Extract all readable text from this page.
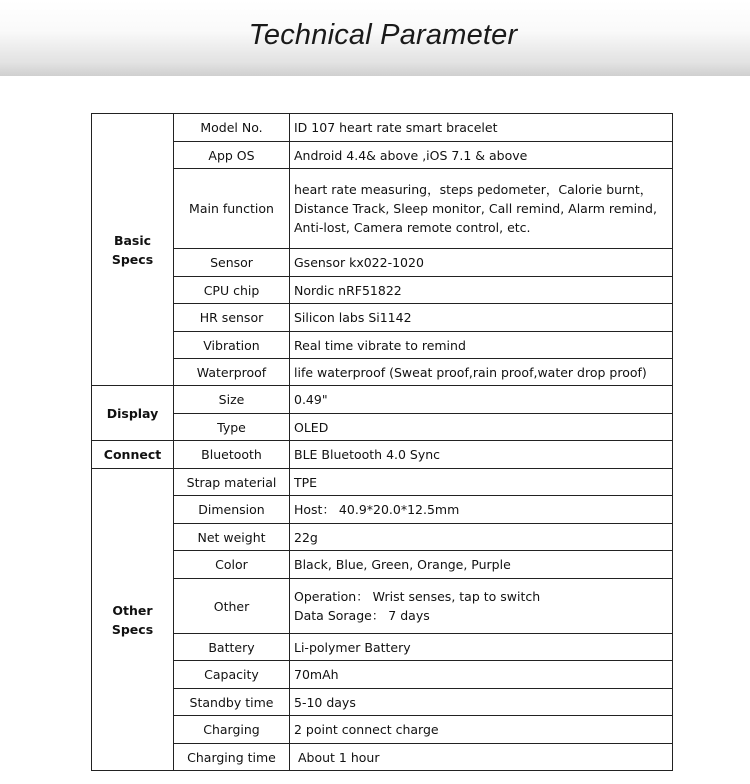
Technical Parameter
Basic
Specs	Model No.	ID 107 heart rate smart bracelet
	App OS	Android 4.4& above ,iOS 7.1 & above
	Main function	heart rate measuring，steps pedometer，Calorie burnt，
Distance Track, Sleep monitor, Call remind, Alarm remind,
Anti-lost, Camera remote control, etc.
	Sensor	Gsensor kx022-1020
	CPU chip	Nordic nRF51822
	HR sensor	Silicon labs Si1142
	Vibration	Real time vibrate to remind
	Waterproof	life waterproof (Sweat proof,rain proof,water drop proof)
Display	Size	0.49"
	Type	OLED
Connect	Bluetooth	BLE Bluetooth 4.0 Sync
Other
Specs	Strap material	TPE
	Dimension	Host： 40.9*20.0*12.5mm
	Net weight	22g
	Color	Black, Blue, Green, Orange, Purple
	Other	Operation： Wrist senses, tap to switch
Data Sorage： 7 days
	Battery	Li-polymer Battery
	Capacity	70mAh
	Standby time	5-10 days
	Charging	2 point connect charge
	Charging time	About 1 hour
